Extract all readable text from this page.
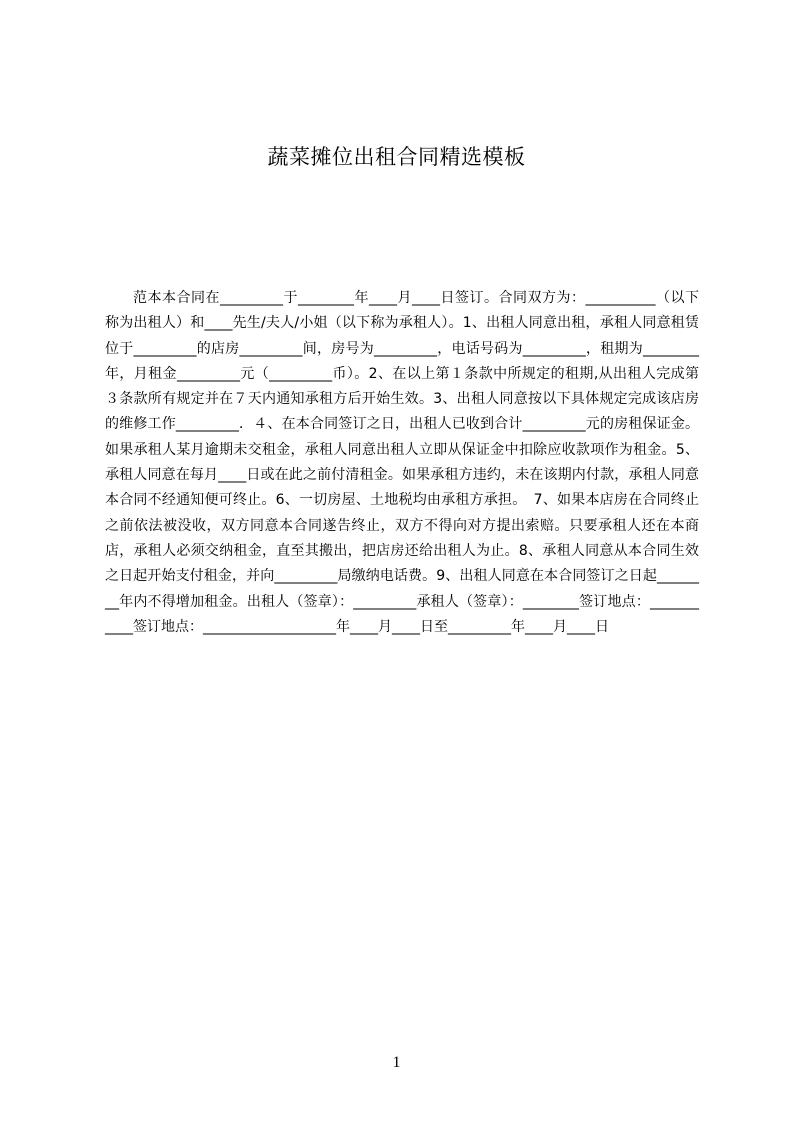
蔬菜摊位出租合同精选模板

范本本合同在_________于________年____月____日签订。合同双方为：__________（以下称为出租人）和____先生/夫人/小姐（以下称为承租人）。1、出租人同意出租，承租人同意租赁位于_________的店房_________间，房号为_________，电话号码为_________，租期为________年，月租金_________元（_________币）。2、在以上第１条款中所规定的租期,从出租人完成第　３条款所有规定并在７天内通知承租方后开始生效。3、出租人同意按以下具体规定完成该店房的维修工作_________．４、在本合同签订之日，出租人已收到合计_________元的房租保证金。如果承租人某月逾期未交租金，承租人同意出租人立即从保证金中扣除应收款项作为租金。5、承租人同意在每月____日或在此之前付清租金。如果承租方违约，未在该期内付款，承租人同意本合同不经通知便可终止。6、一切房屋、土地税均由承租方承担。　7、如果本店房在合同终止之前依法被没收，双方同意本合同遂告终止，双方不得向对方提出索赔。只要承租人还在本商店，承租人必须交纳租金，直至其搬出，把店房还给出租人为止。8、承租人同意从本合同生效之日起开始支付租金，并向_________局缴纳电话费。9、出租人同意在本合同签订之日起________年内不得增加租金。出租人（签章）：_________承租人（签章）：________签订地点：___________签订地点：___________________年____月____日至_________年____月____日

1
